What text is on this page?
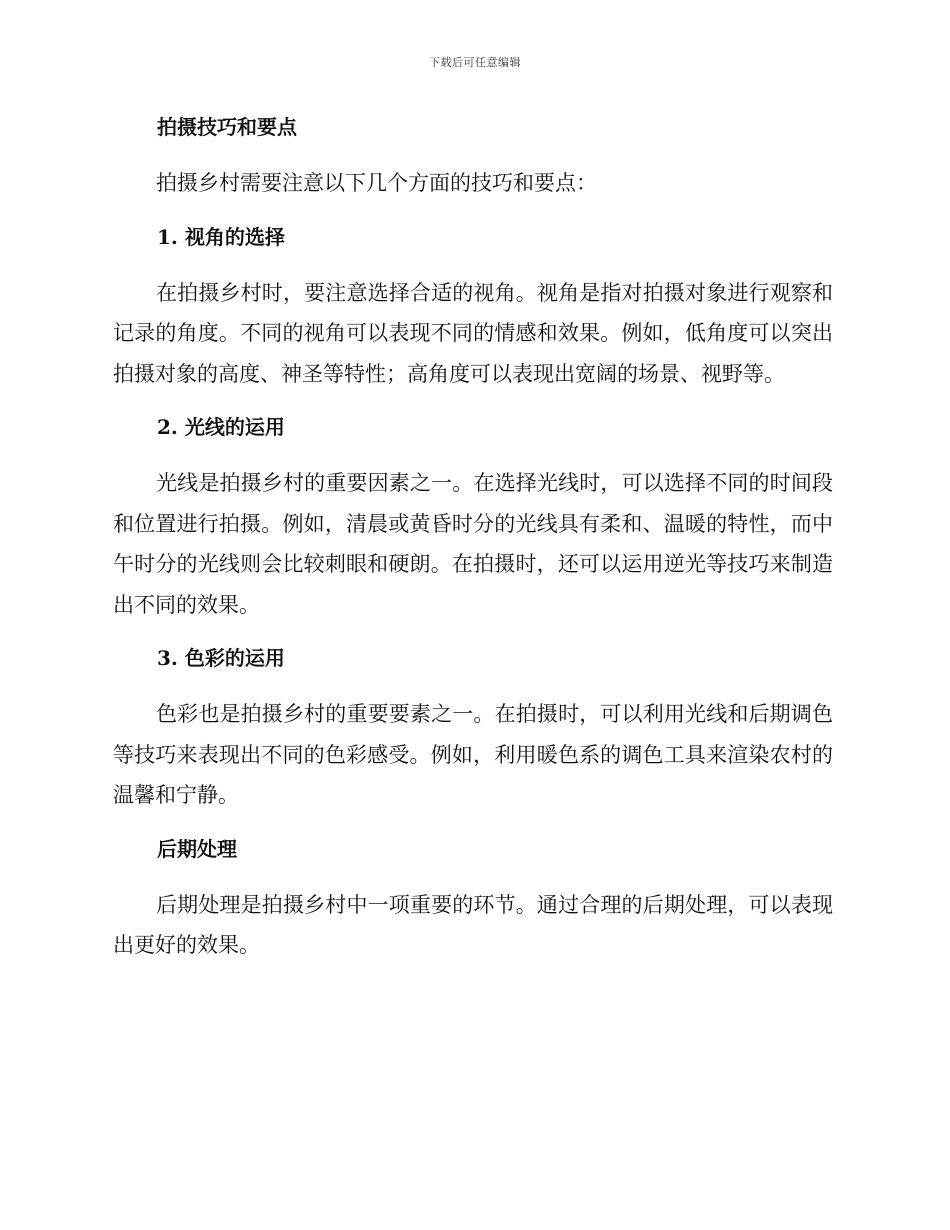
下载后可任意编辑
拍摄技巧和要点
拍摄乡村需要注意以下几个方面的技巧和要点：
1. 视角的选择
在拍摄乡村时，要注意选择合适的视角。视角是指对拍摄对象进行观察和记录的角度。不同的视角可以表现不同的情感和效果。例如，低角度可以突出拍摄对象的高度、神圣等特性；高角度可以表现出宽阔的场景、视野等。
2. 光线的运用
光线是拍摄乡村的重要因素之一。在选择光线时，可以选择不同的时间段和位置进行拍摄。例如，清晨或黄昏时分的光线具有柔和、温暖的特性，而中午时分的光线则会比较刺眼和硬朗。在拍摄时，还可以运用逆光等技巧来制造出不同的效果。
3. 色彩的运用
色彩也是拍摄乡村的重要要素之一。在拍摄时，可以利用光线和后期调色等技巧来表现出不同的色彩感受。例如，利用暖色系的调色工具来渲染农村的温馨和宁静。
后期处理
后期处理是拍摄乡村中一项重要的环节。通过合理的后期处理，可以表现出更好的效果。
